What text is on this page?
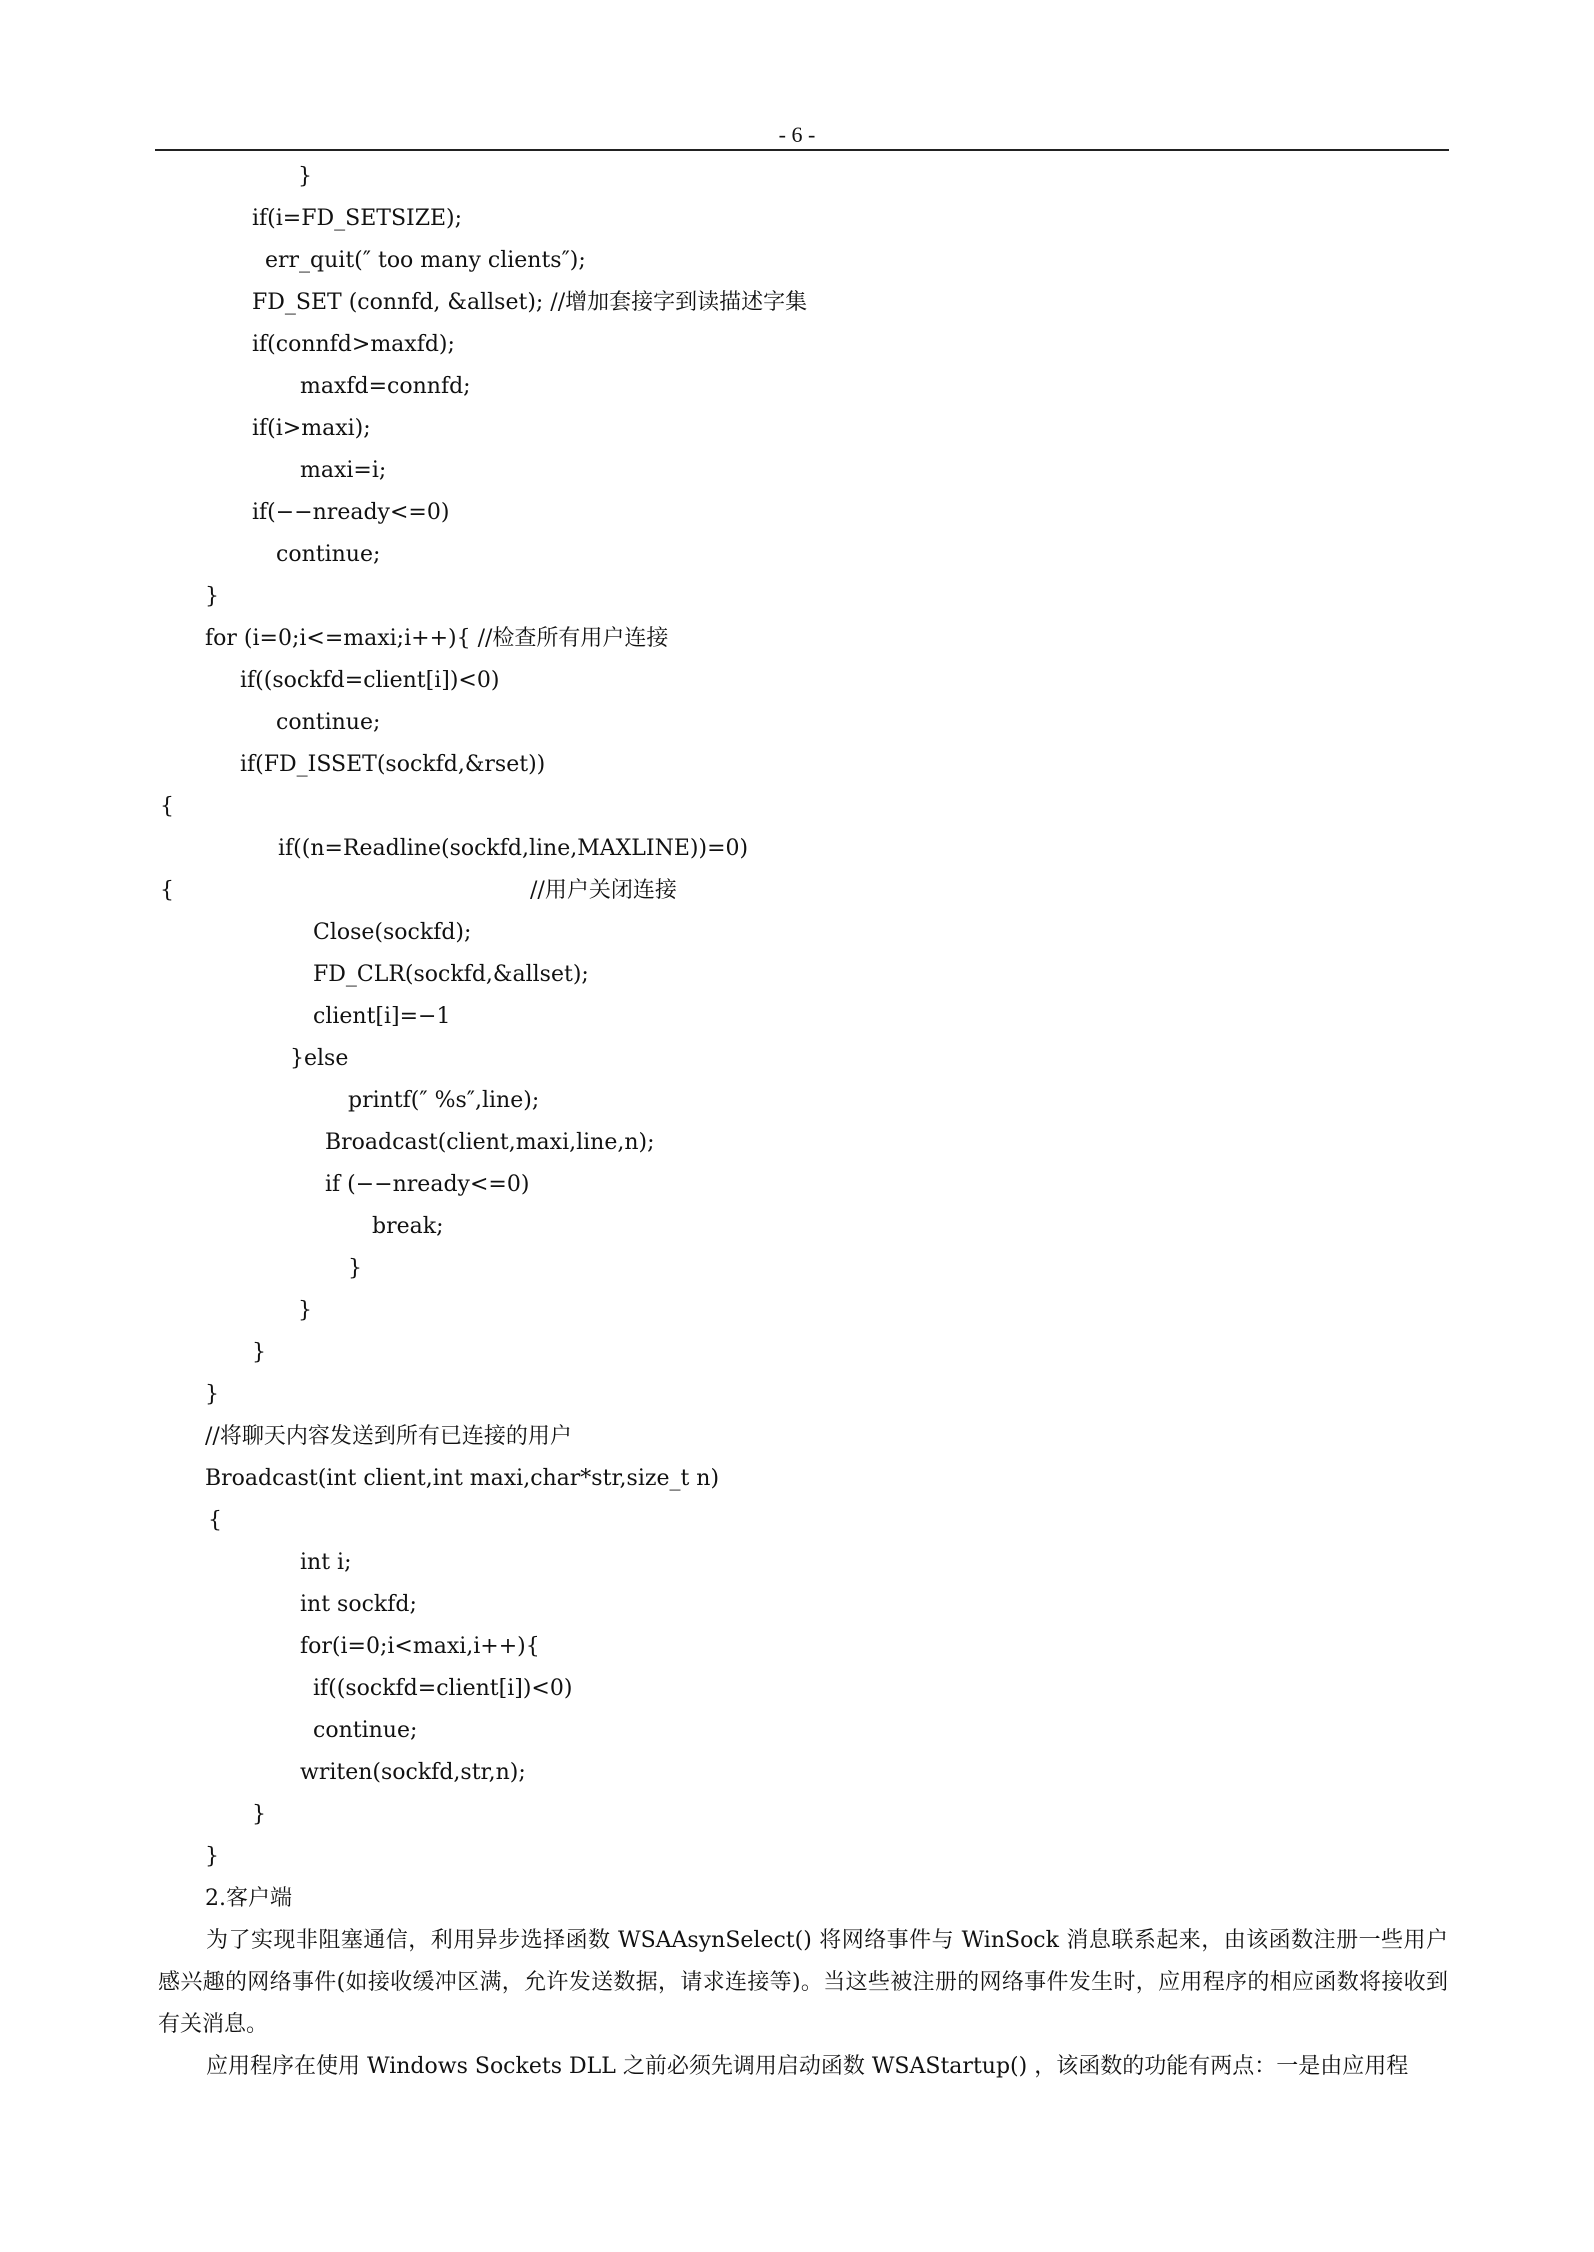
- 6 -
}
if(i=FD_SETSIZE);
err_quit(″ too many clients″);
FD_SET (connfd, &allset); //增加套接字到读描述字集
if(connfd>maxfd);
maxfd=connfd;
if(i>maxi);
maxi=i;
if(−−nready<=0)
continue;
}
for (i=0;i<=maxi;i++){ //检查所有用户连接
if((sockfd=client[i])<0)
continue;
if(FD_ISSET(sockfd,&rset))
{
if((n=Readline(sockfd,line,MAXLINE))=0)
{	//用户关闭连接
Close(sockfd);
FD_CLR(sockfd,&allset);
client[i]=−1
}else
printf(″ %s″,line);
Broadcast(client,maxi,line,n);
if (−−nready<=0)
break;
}
}
}
}
//将聊天内容发送到所有已连接的用户
Broadcast(int client,int maxi,char*str,size_t n)
{
int i;
int sockfd;
for(i=0;i<maxi,i++){
if((sockfd=client[i])<0)
continue;
writen(sockfd,str,n);
}
}
2.客户端
为了实现非阻塞通信，利用异步选择函数 WSAAsynSelect() 将网络事件与 WinSock 消息联系起来，由该函数注册一些用户感兴趣的网络事件(如接收缓冲区满，允许发送数据，请求连接等)。当这些被注册的网络事件发生时，应用程序的相应函数将接收到有关消息。
应用程序在使用 Windows Sockets DLL 之前必须先调用启动函数 WSAStartup() ，该函数的功能有两点：一是由应用程
